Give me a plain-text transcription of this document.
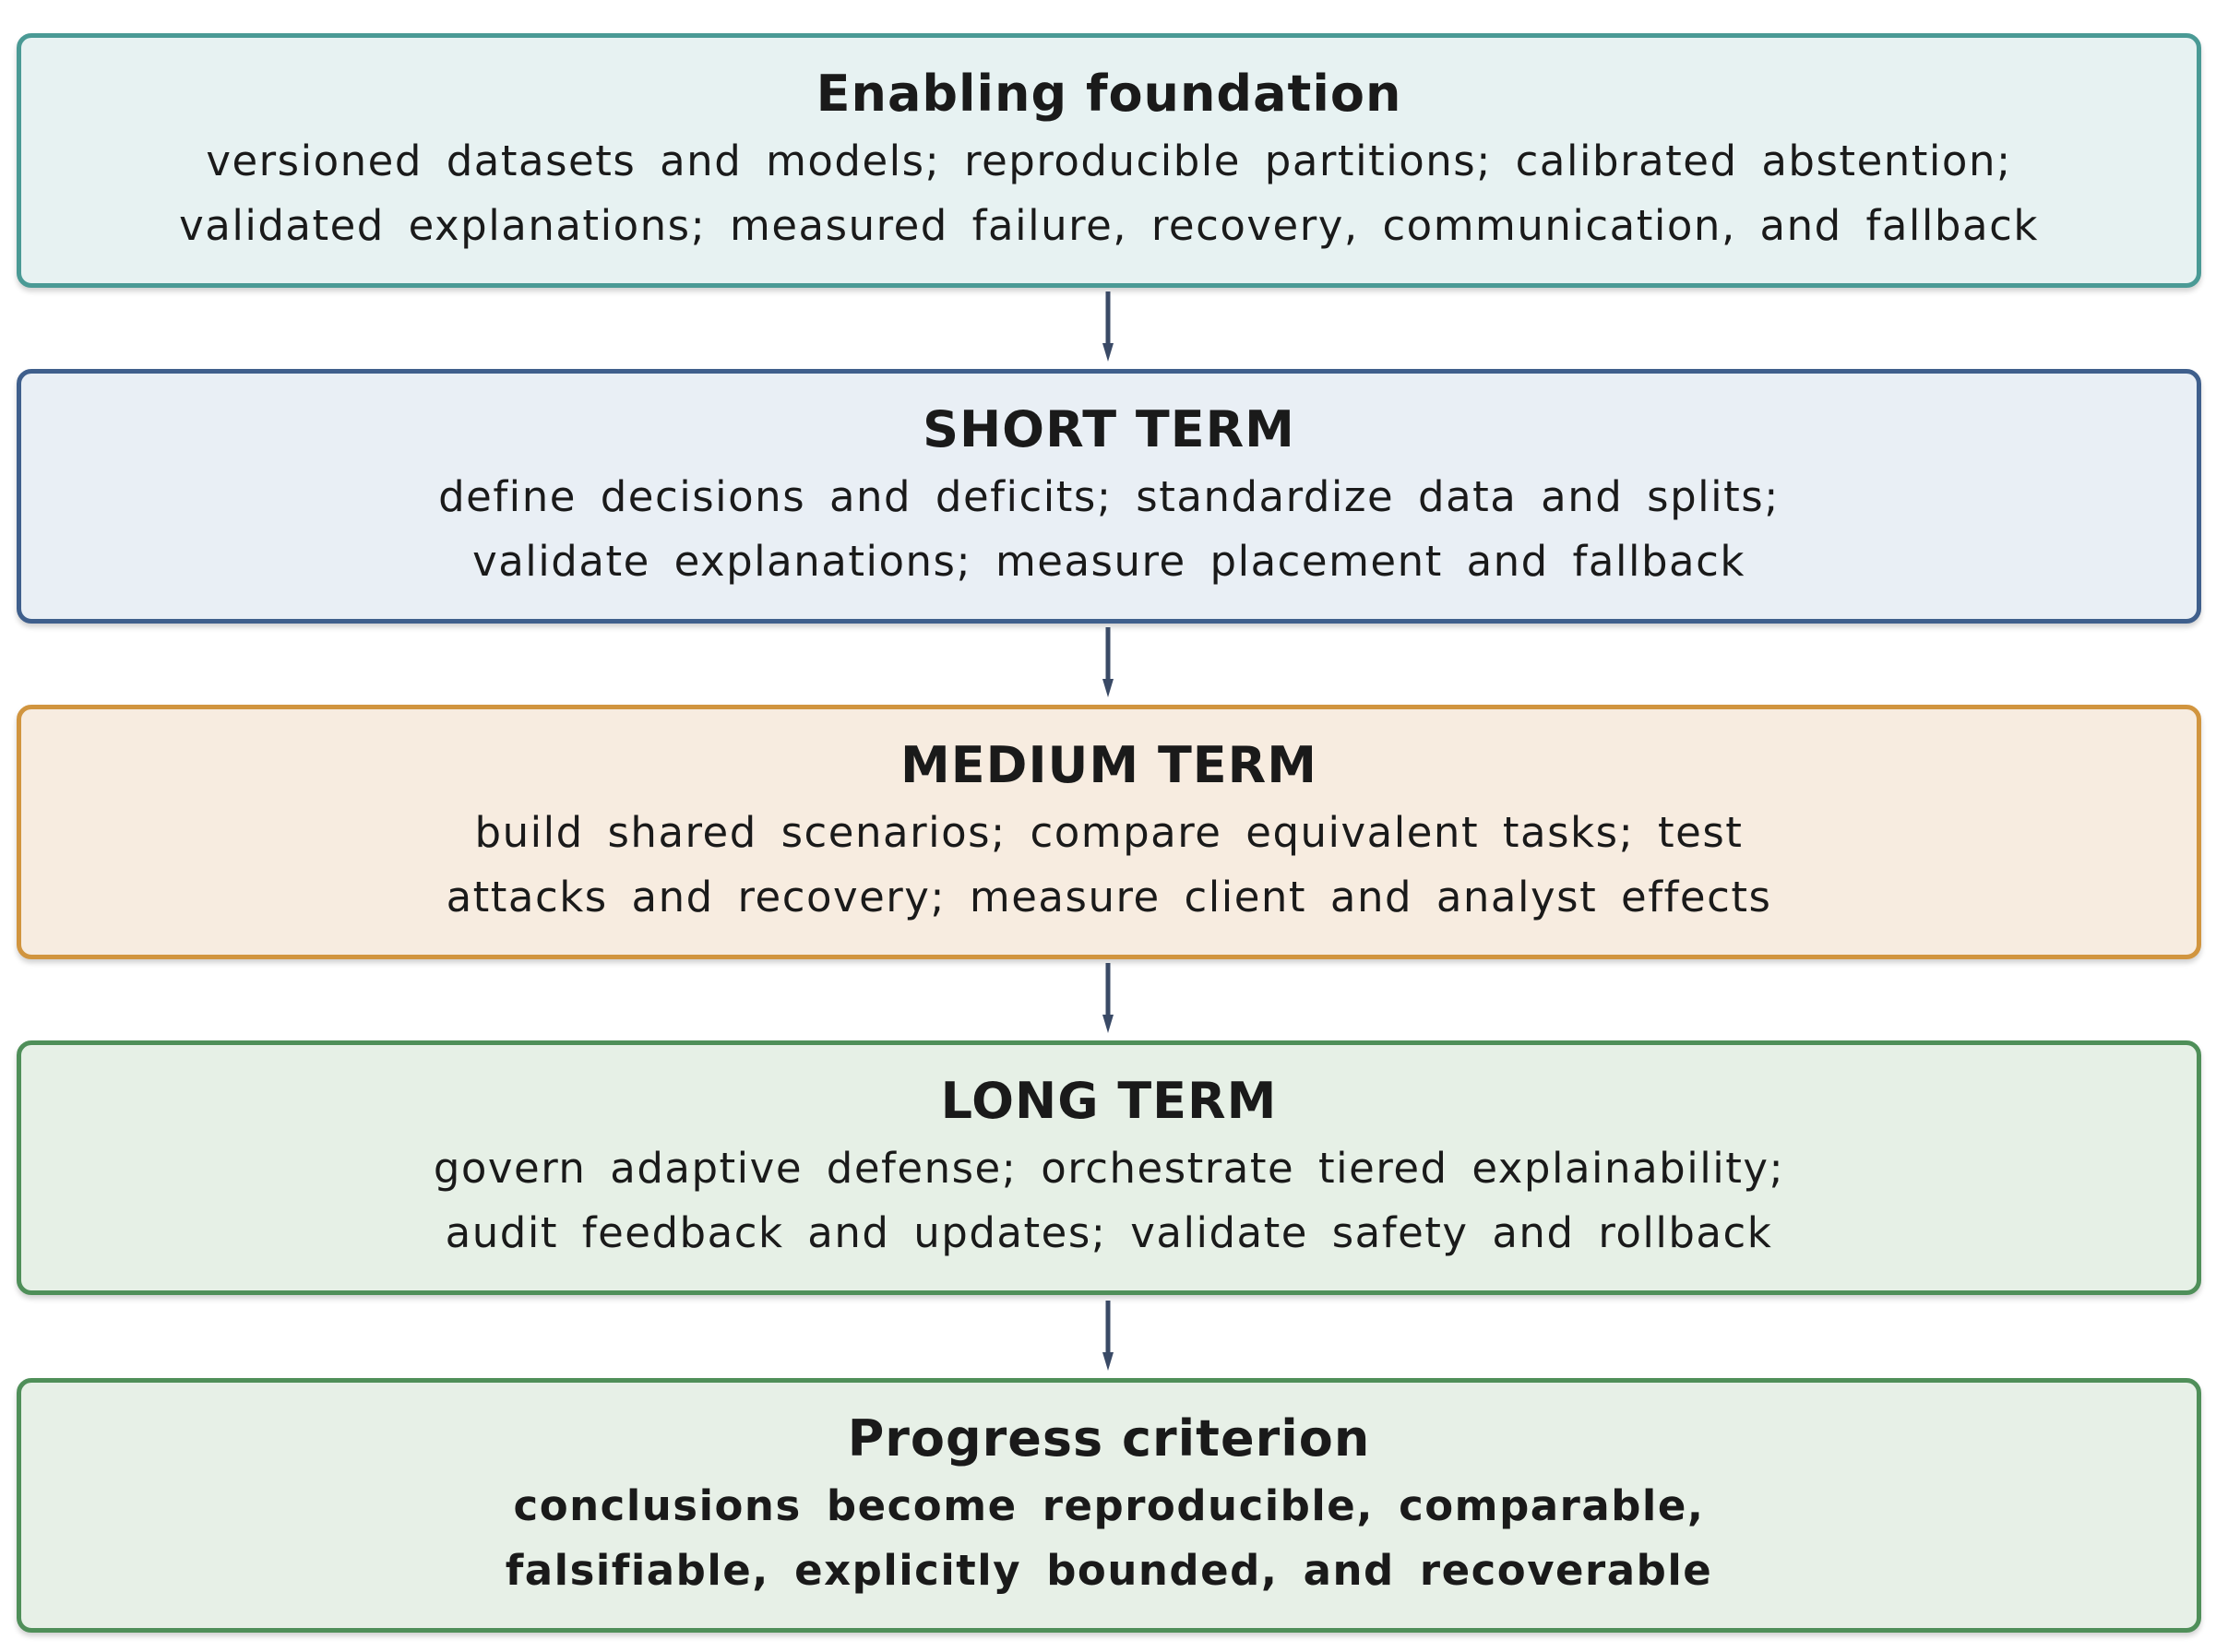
Enabling foundation
versioned datasets and models; reproducible partitions; calibrated abstention;
validated explanations; measured failure, recovery, communication, and fallback
SHORT TERM
define decisions and deficits; standardize data and splits;
validate explanations; measure placement and fallback
MEDIUM TERM
build shared scenarios; compare equivalent tasks; test
attacks and recovery; measure client and analyst effects
LONG TERM
govern adaptive defense; orchestrate tiered explainability;
audit feedback and updates; validate safety and rollback
Progress criterion
conclusions become reproducible, comparable,
falsifiable, explicitly bounded, and recoverable
